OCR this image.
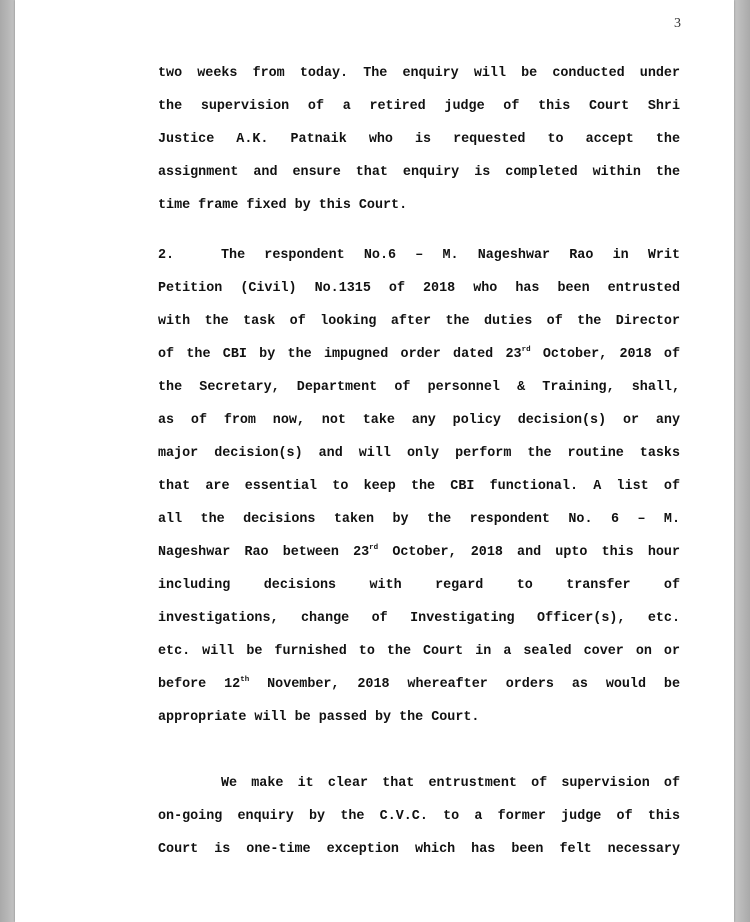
3
two weeks from today. The enquiry will be conducted under
the supervision of a retired judge of this Court Shri
Justice A.K. Patnaik who is requested to accept the
assignment and ensure that enquiry is completed within the
time frame fixed by this Court.
2.	The respondent No.6 – M. Nageshwar Rao in Writ
Petition (Civil) No.1315 of 2018 who has been entrusted
with the task of looking after the duties of the Director
of the CBI by the impugned order dated 23rd October, 2018 of
the Secretary, Department of personnel & Training, shall,
as of from now, not take any policy decision(s) or any
major decision(s) and will only perform the routine tasks
that are essential to keep the CBI functional. A list of
all the decisions taken by the respondent No. 6 – M.
Nageshwar Rao between 23rd October, 2018 and upto this hour
including decisions with regard to transfer of
investigations, change of Investigating Officer(s), etc.
etc. will be furnished to the Court in a sealed cover on or
before 12th November, 2018 whereafter orders as would be
appropriate will be passed by the Court.
We make it clear that entrustment of supervision of
on-going enquiry by the C.V.C. to a former judge of this
Court is one-time exception which has been felt necessary
